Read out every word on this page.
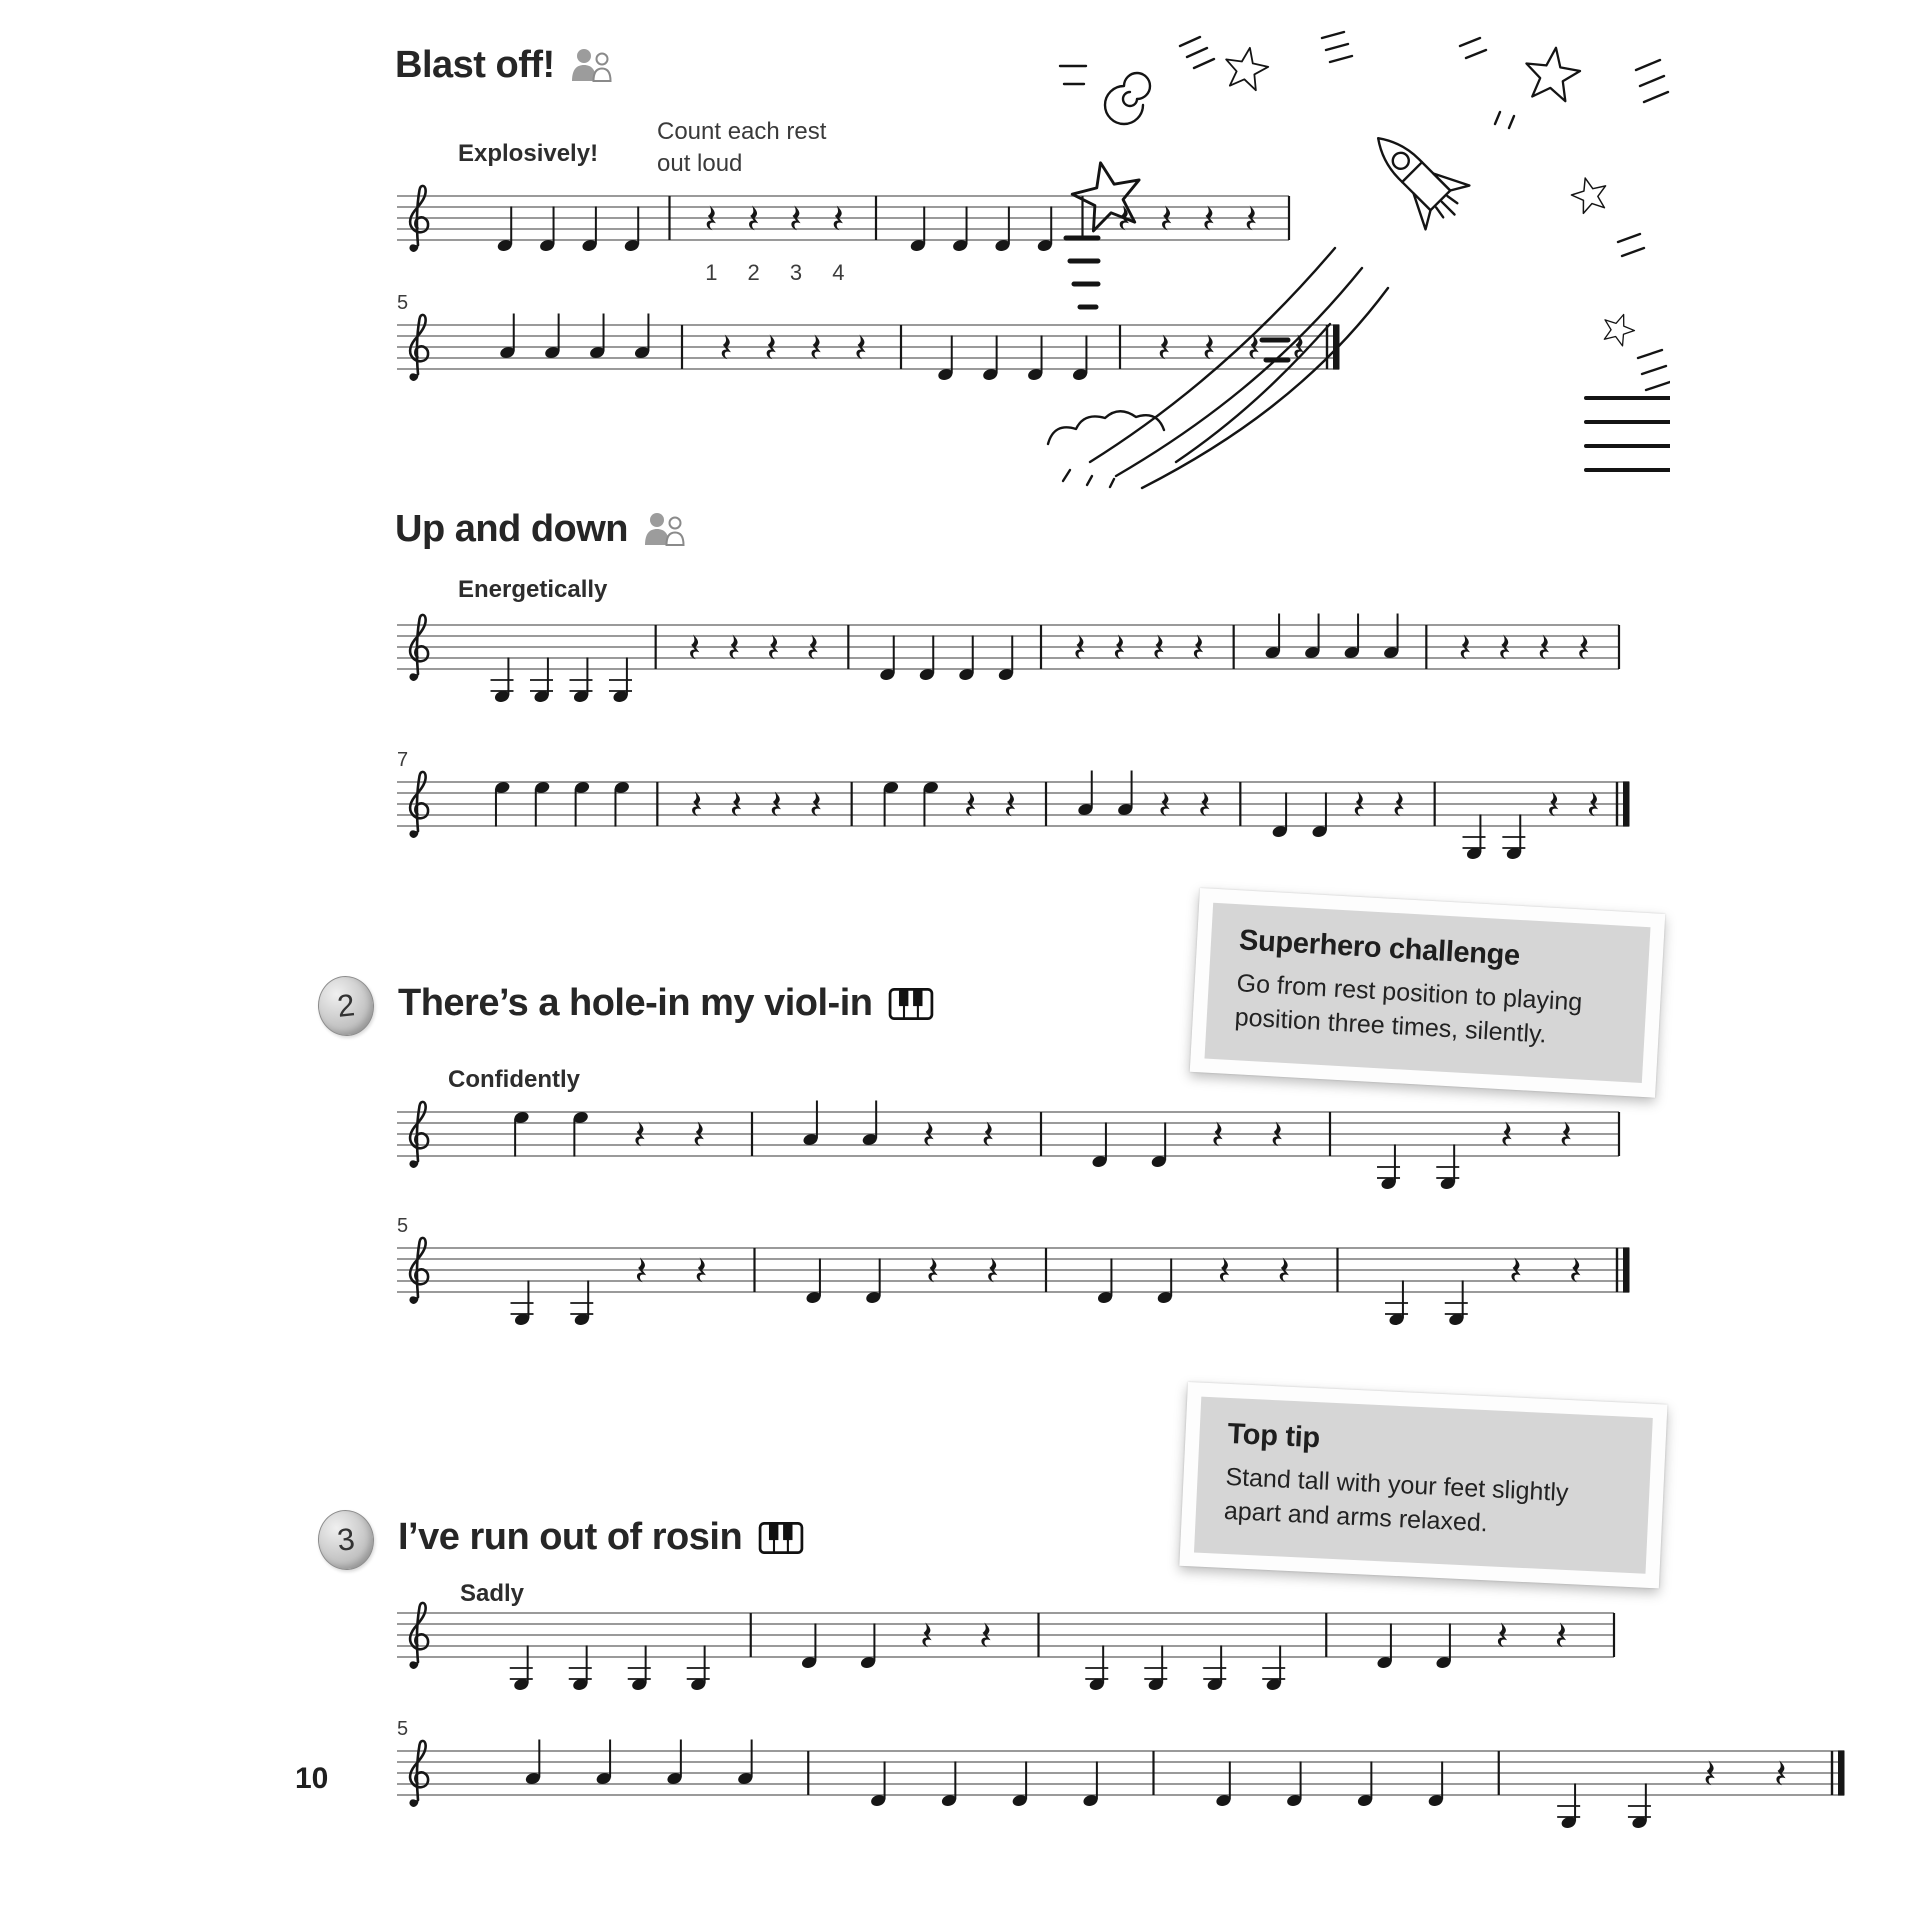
Blast off!
Explosively!
Count each rest
out loud
1 2 3 4
5
Up and down
Energetically
7
Superhero challenge

Go from rest position to playing position three times, silently.

2	There’s a hole-in my viol-in
Confidently
5
Top tip

Stand tall with your feet slightly apart and arms relaxed.

3	I’ve run out of rosin
Sadly
5
10
